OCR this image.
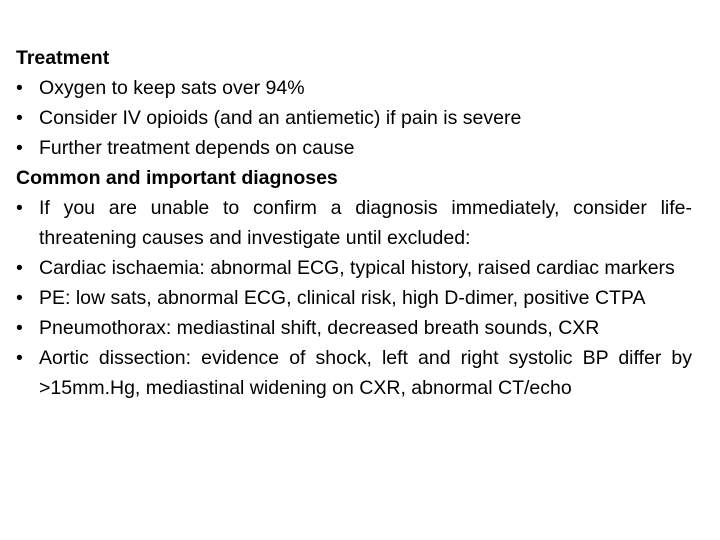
Treatment
• Oxygen to keep sats over 94%
• Consider IV opioids (and an antiemetic) if pain is severe
• Further treatment depends on cause
Common and important diagnoses
• If you are unable to confirm a diagnosis immediately, consider life-threatening causes and investigate until excluded:
• Cardiac ischaemia: abnormal ECG, typical history, raised cardiac markers
• PE: low sats, abnormal ECG, clinical risk, high D-dimer, positive CTPA
• Pneumothorax: mediastinal shift, decreased breath sounds, CXR
• Aortic dissection: evidence of shock, left and right systolic BP differ by >15mm.Hg, mediastinal widening on CXR, abnormal CT/echo
